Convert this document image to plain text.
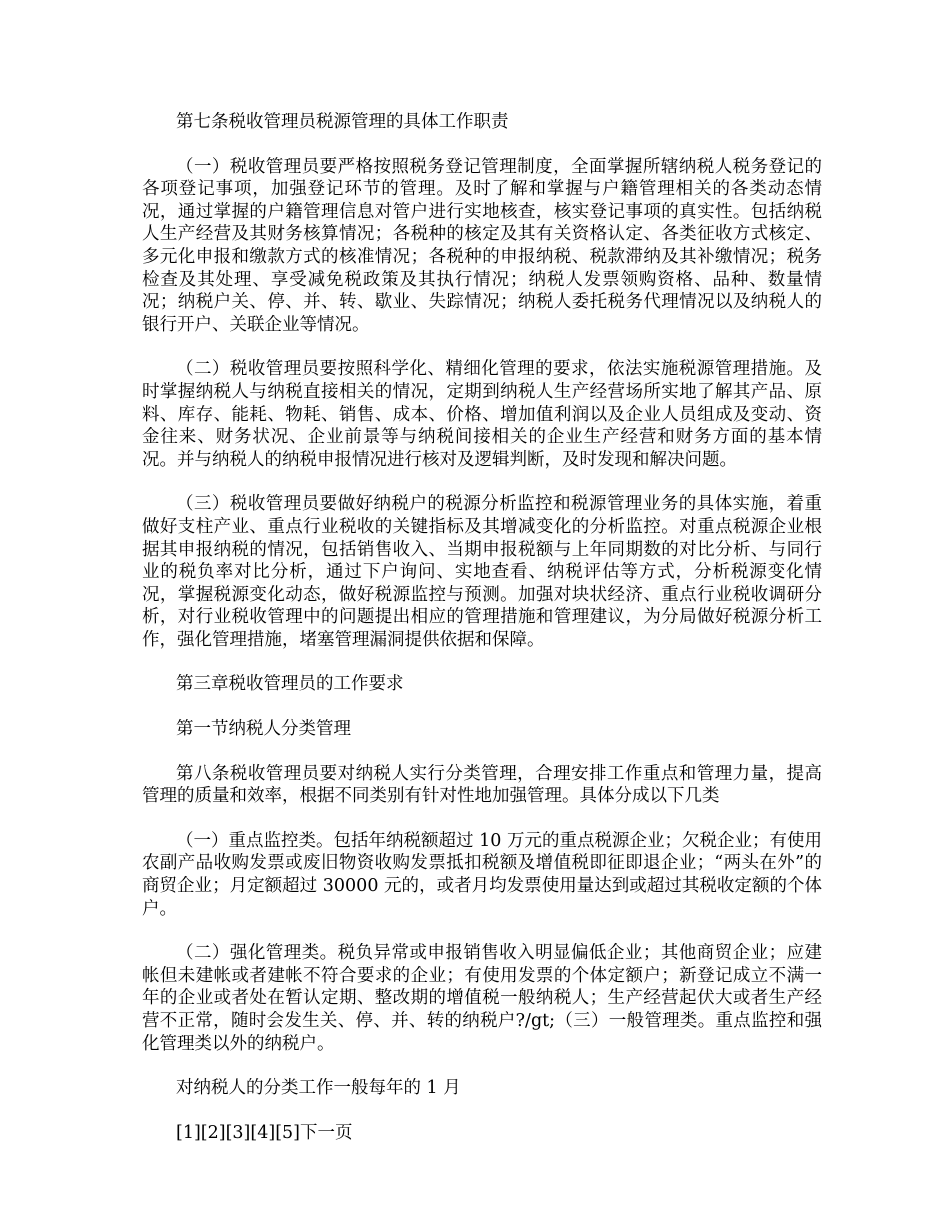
第七条税收管理员税源管理的具体工作职责

（一）税收管理员要严格按照税务登记管理制度，全面掌握所辖纳税人税务登记的各项登记事项，加强登记环节的管理。及时了解和掌握与户籍管理相关的各类动态情况，通过掌握的户籍管理信息对管户进行实地核查，核实登记事项的真实性。包括纳税人生产经营及其财务核算情况；各税种的核定及其有关资格认定、各类征收方式核定、多元化申报和缴款方式的核准情况；各税种的申报纳税、税款滞纳及其补缴情况；税务检查及其处理、享受减免税政策及其执行情况；纳税人发票领购资格、品种、数量情况；纳税户关、停、并、转、歇业、失踪情况；纳税人委托税务代理情况以及纳税人的银行开户、关联企业等情况。

（二）税收管理员要按照科学化、精细化管理的要求，依法实施税源管理措施。及时掌握纳税人与纳税直接相关的情况，定期到纳税人生产经营场所实地了解其产品、原料、库存、能耗、物耗、销售、成本、价格、增加值利润以及企业人员组成及变动、资金往来、财务状况、企业前景等与纳税间接相关的企业生产经营和财务方面的基本情况。并与纳税人的纳税申报情况进行核对及逻辑判断，及时发现和解决问题。

（三）税收管理员要做好纳税户的税源分析监控和税源管理业务的具体实施，着重做好支柱产业、重点行业税收的关键指标及其增减变化的分析监控。对重点税源企业根据其申报纳税的情况，包括销售收入、当期申报税额与上年同期数的对比分析、与同行业的税负率对比分析，通过下户询问、实地查看、纳税评估等方式，分析税源变化情况，掌握税源变化动态，做好税源监控与预测。加强对块状经济、重点行业税收调研分析，对行业税收管理中的问题提出相应的管理措施和管理建议，为分局做好税源分析工作，强化管理措施，堵塞管理漏洞提供依据和保障。

第三章税收管理员的工作要求

第一节纳税人分类管理

第八条税收管理员要对纳税人实行分类管理，合理安排工作重点和管理力量，提高管理的质量和效率，根据不同类别有针对性地加强管理。具体分成以下几类

（一）重点监控类。包括年纳税额超过 10 万元的重点税源企业；欠税企业；有使用农副产品收购发票或废旧物资收购发票抵扣税额及增值税即征即退企业；“两头在外”的商贸企业；月定额超过 30000 元的，或者月均发票使用量达到或超过其税收定额的个体户。

（二）强化管理类。税负异常或申报销售收入明显偏低企业；其他商贸企业；应建帐但未建帐或者建帐不符合要求的企业；有使用发票的个体定额户；新登记成立不满一年的企业或者处在暂认定期、整改期的增值税一般纳税人；生产经营起伏大或者生产经营不正常，随时会发生关、停、并、转的纳税户?/gt;（三）一般管理类。重点监控和强化管理类以外的纳税户。

对纳税人的分类工作一般每年的 1 月

[1][2][3][4][5]下一页
